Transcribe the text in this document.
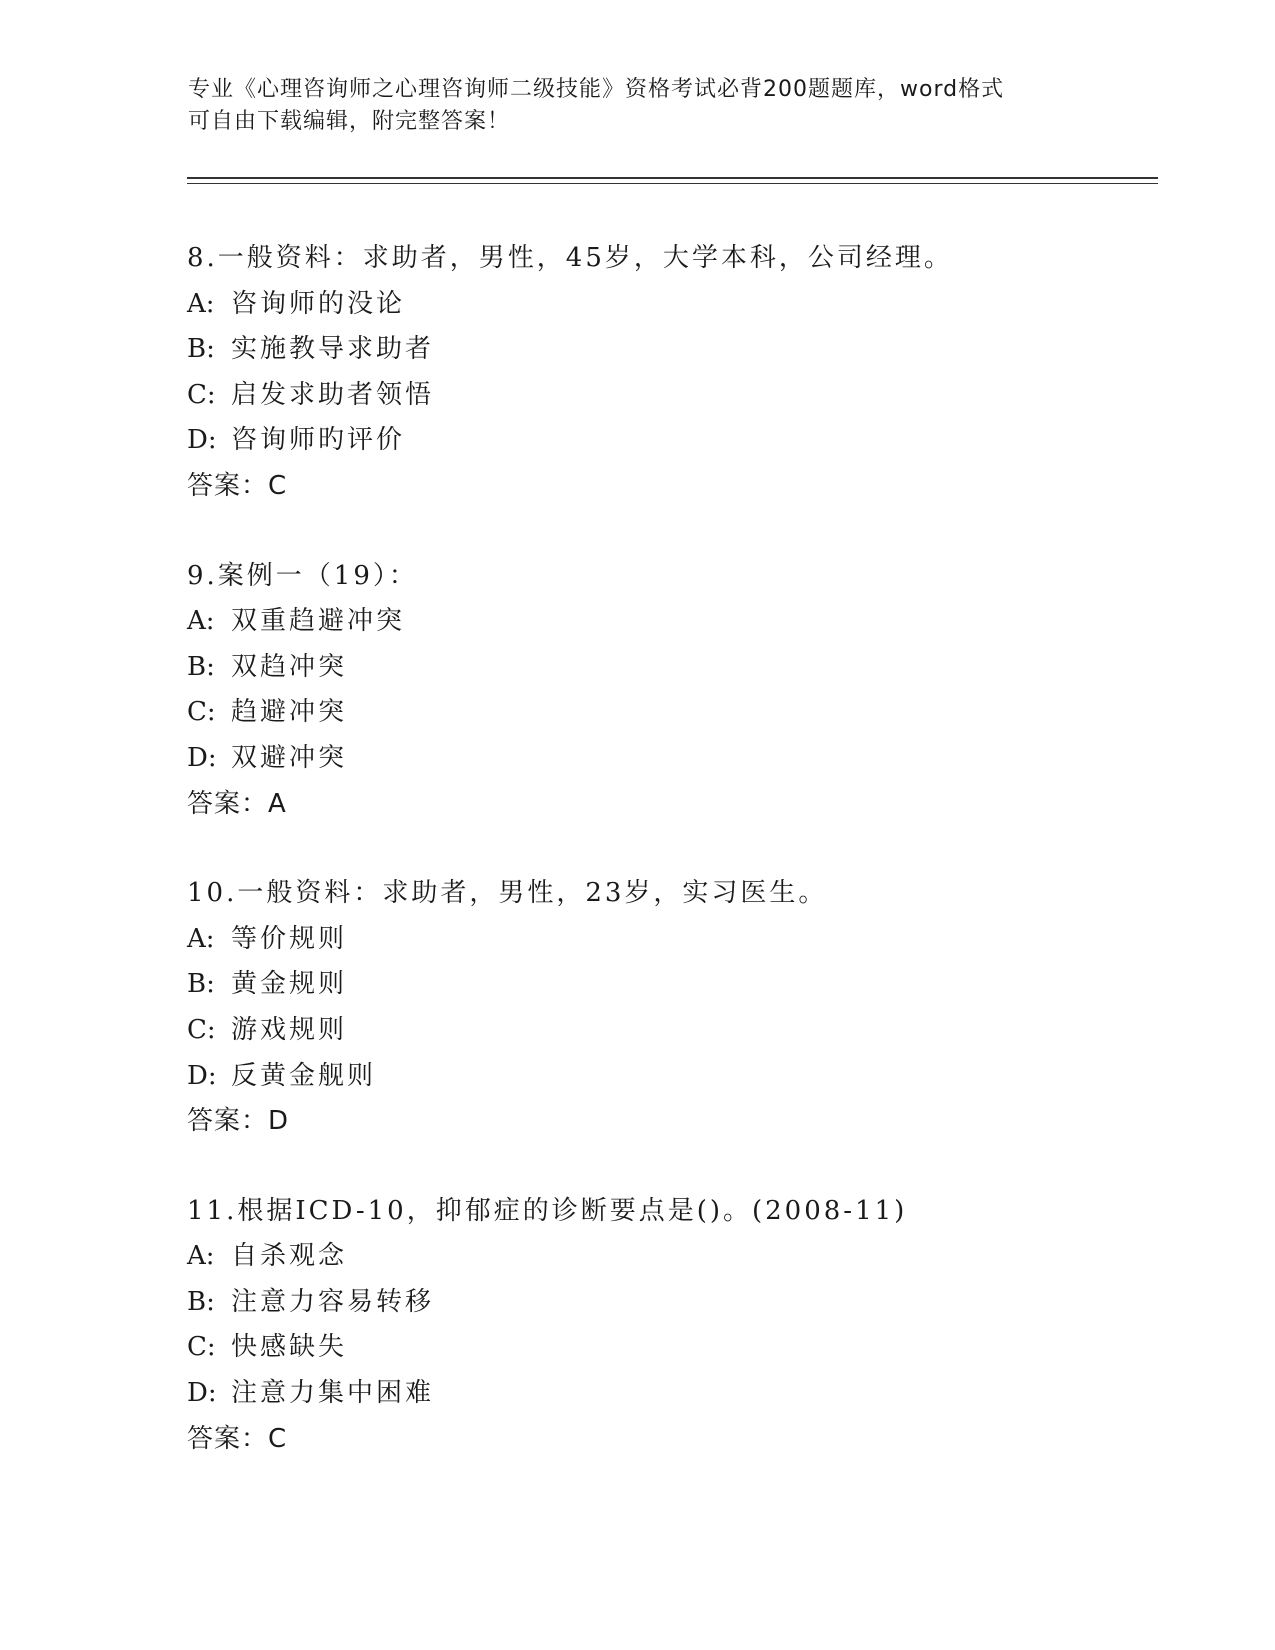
专业《心理咨询师之心理咨询师二级技能》资格考试必背200题题库，word格式
可自由下载编辑，附完整答案！
8.一般资料：求助者，男性，45岁，大学本科，公司经理。
A: 咨询师的没论
B: 实施教导求助者
C: 启发求助者领悟
D: 咨询师旳评价
答案：C
9.案例一（19）：
A: 双重趋避冲突
B: 双趋冲突
C: 趋避冲突
D: 双避冲突
答案：A
10.一般资料：求助者，男性，23岁，实习医生。
A: 等价规则
B: 黄金规则
C: 游戏规则
D: 反黄金舰则
答案：D
11.根据ICD-10，抑郁症的诊断要点是()。(2008-11)
A: 自杀观念
B: 注意力容易转移
C: 快感缺失
D: 注意力集中困难
答案：C
